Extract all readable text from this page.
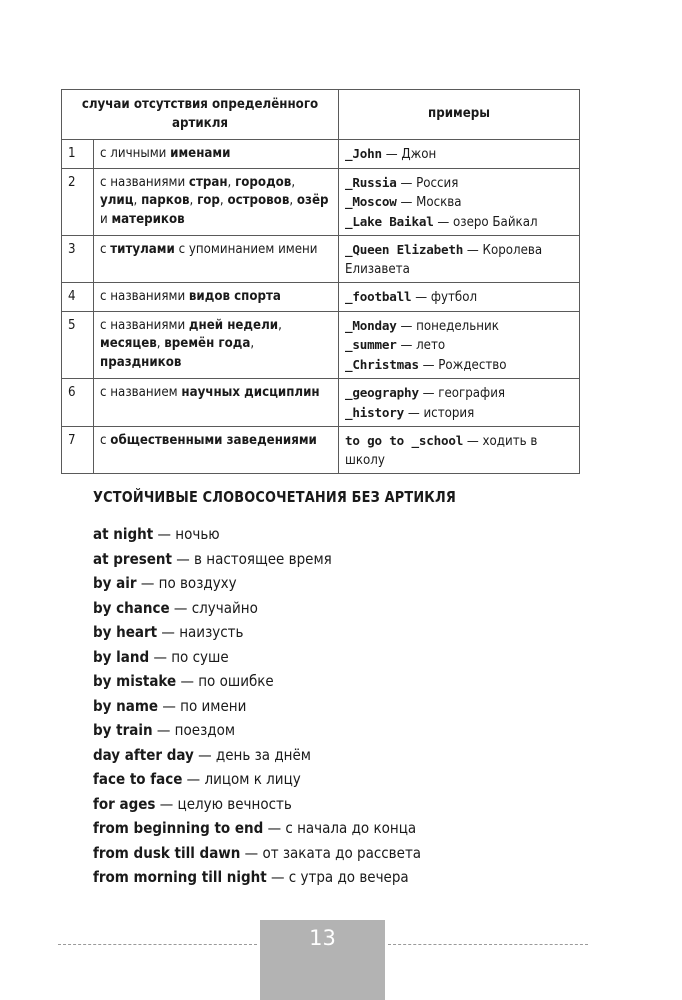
случаи отсутствия определённого артикля		примеры
1	с личными именами	_John — Джон

2	с названиями стран, городов, улиц, парков, гор, островов, озёр и материков	_Russia — Россия
_Moscow — Москва
_Lake Baikal — озеро Байкал

3	с титулами с упоминанием имени	_Queen Elizabeth — Королева Елизавета

4	с названиями видов спорта	_football — футбол

5	с названиями дней недели, месяцев, времён года, праздников	_Monday — понедельник
_summer — лето
_Christmas — Рождество

6	с названием научных дисциплин	_geography — география
_history — история

7	с общественными заведениями	to go to _school — ходить в школу
УСТОЙЧИВЫЕ СЛОВОСОЧЕТАНИЯ БЕЗ АРТИКЛЯ
at night — ночью
at present — в настоящее время
by air — по воздуху
by chance — случайно
by heart — наизусть
by land — по суше
by mistake — по ошибке
by name — по имени
by train — поездом
day after day — день за днём
face to face — лицом к лицу
for ages — целую вечность
from beginning to end — с начала до конца
from dusk till dawn — от заката до рассвета
from morning till night — с утра до вечера
13
